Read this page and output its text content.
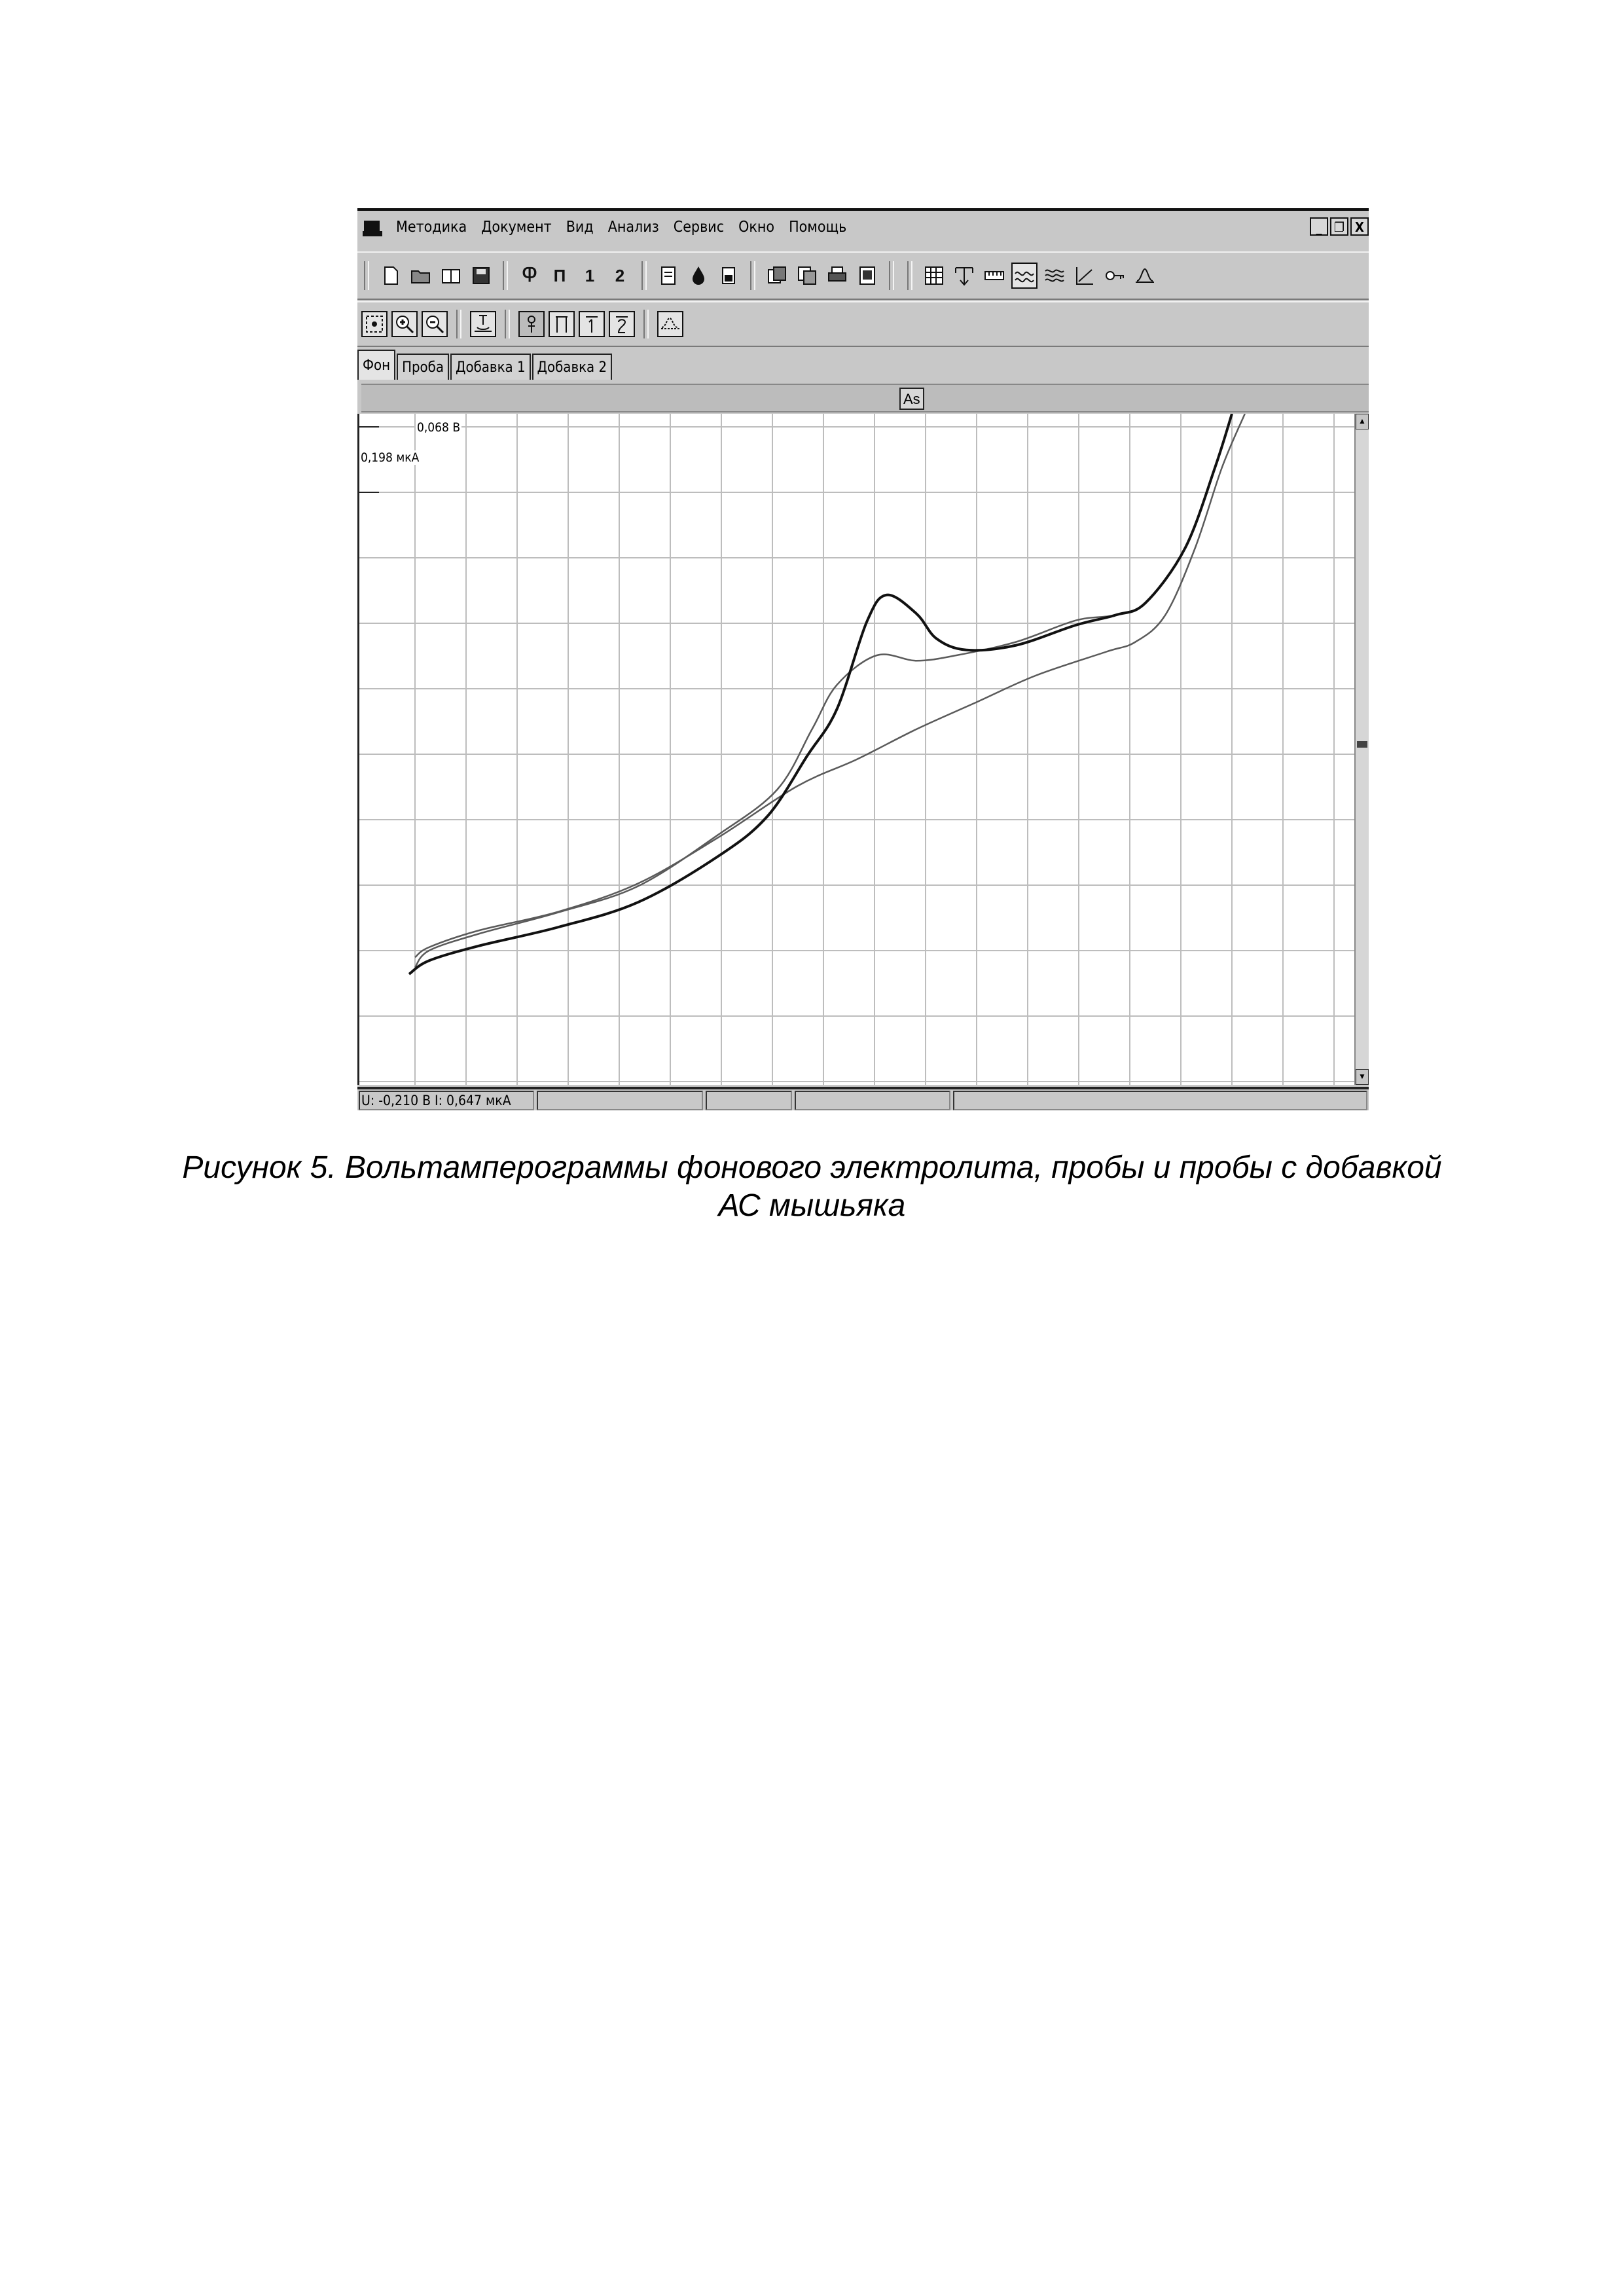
Методика Документ Вид Анализ Сервис Окно Помощь	_ ❐ X
Ⴔ П	1	2
Фон Проба Добавка 1 Добавка 2
As
0,068 В
0,198 мкА
▲
▼
U: -0,210 В I: 0,647 мкА
Рисунок 5. Вольтамперограммы фонового электролита, пробы и пробы с добавкой
АС мышьяка
